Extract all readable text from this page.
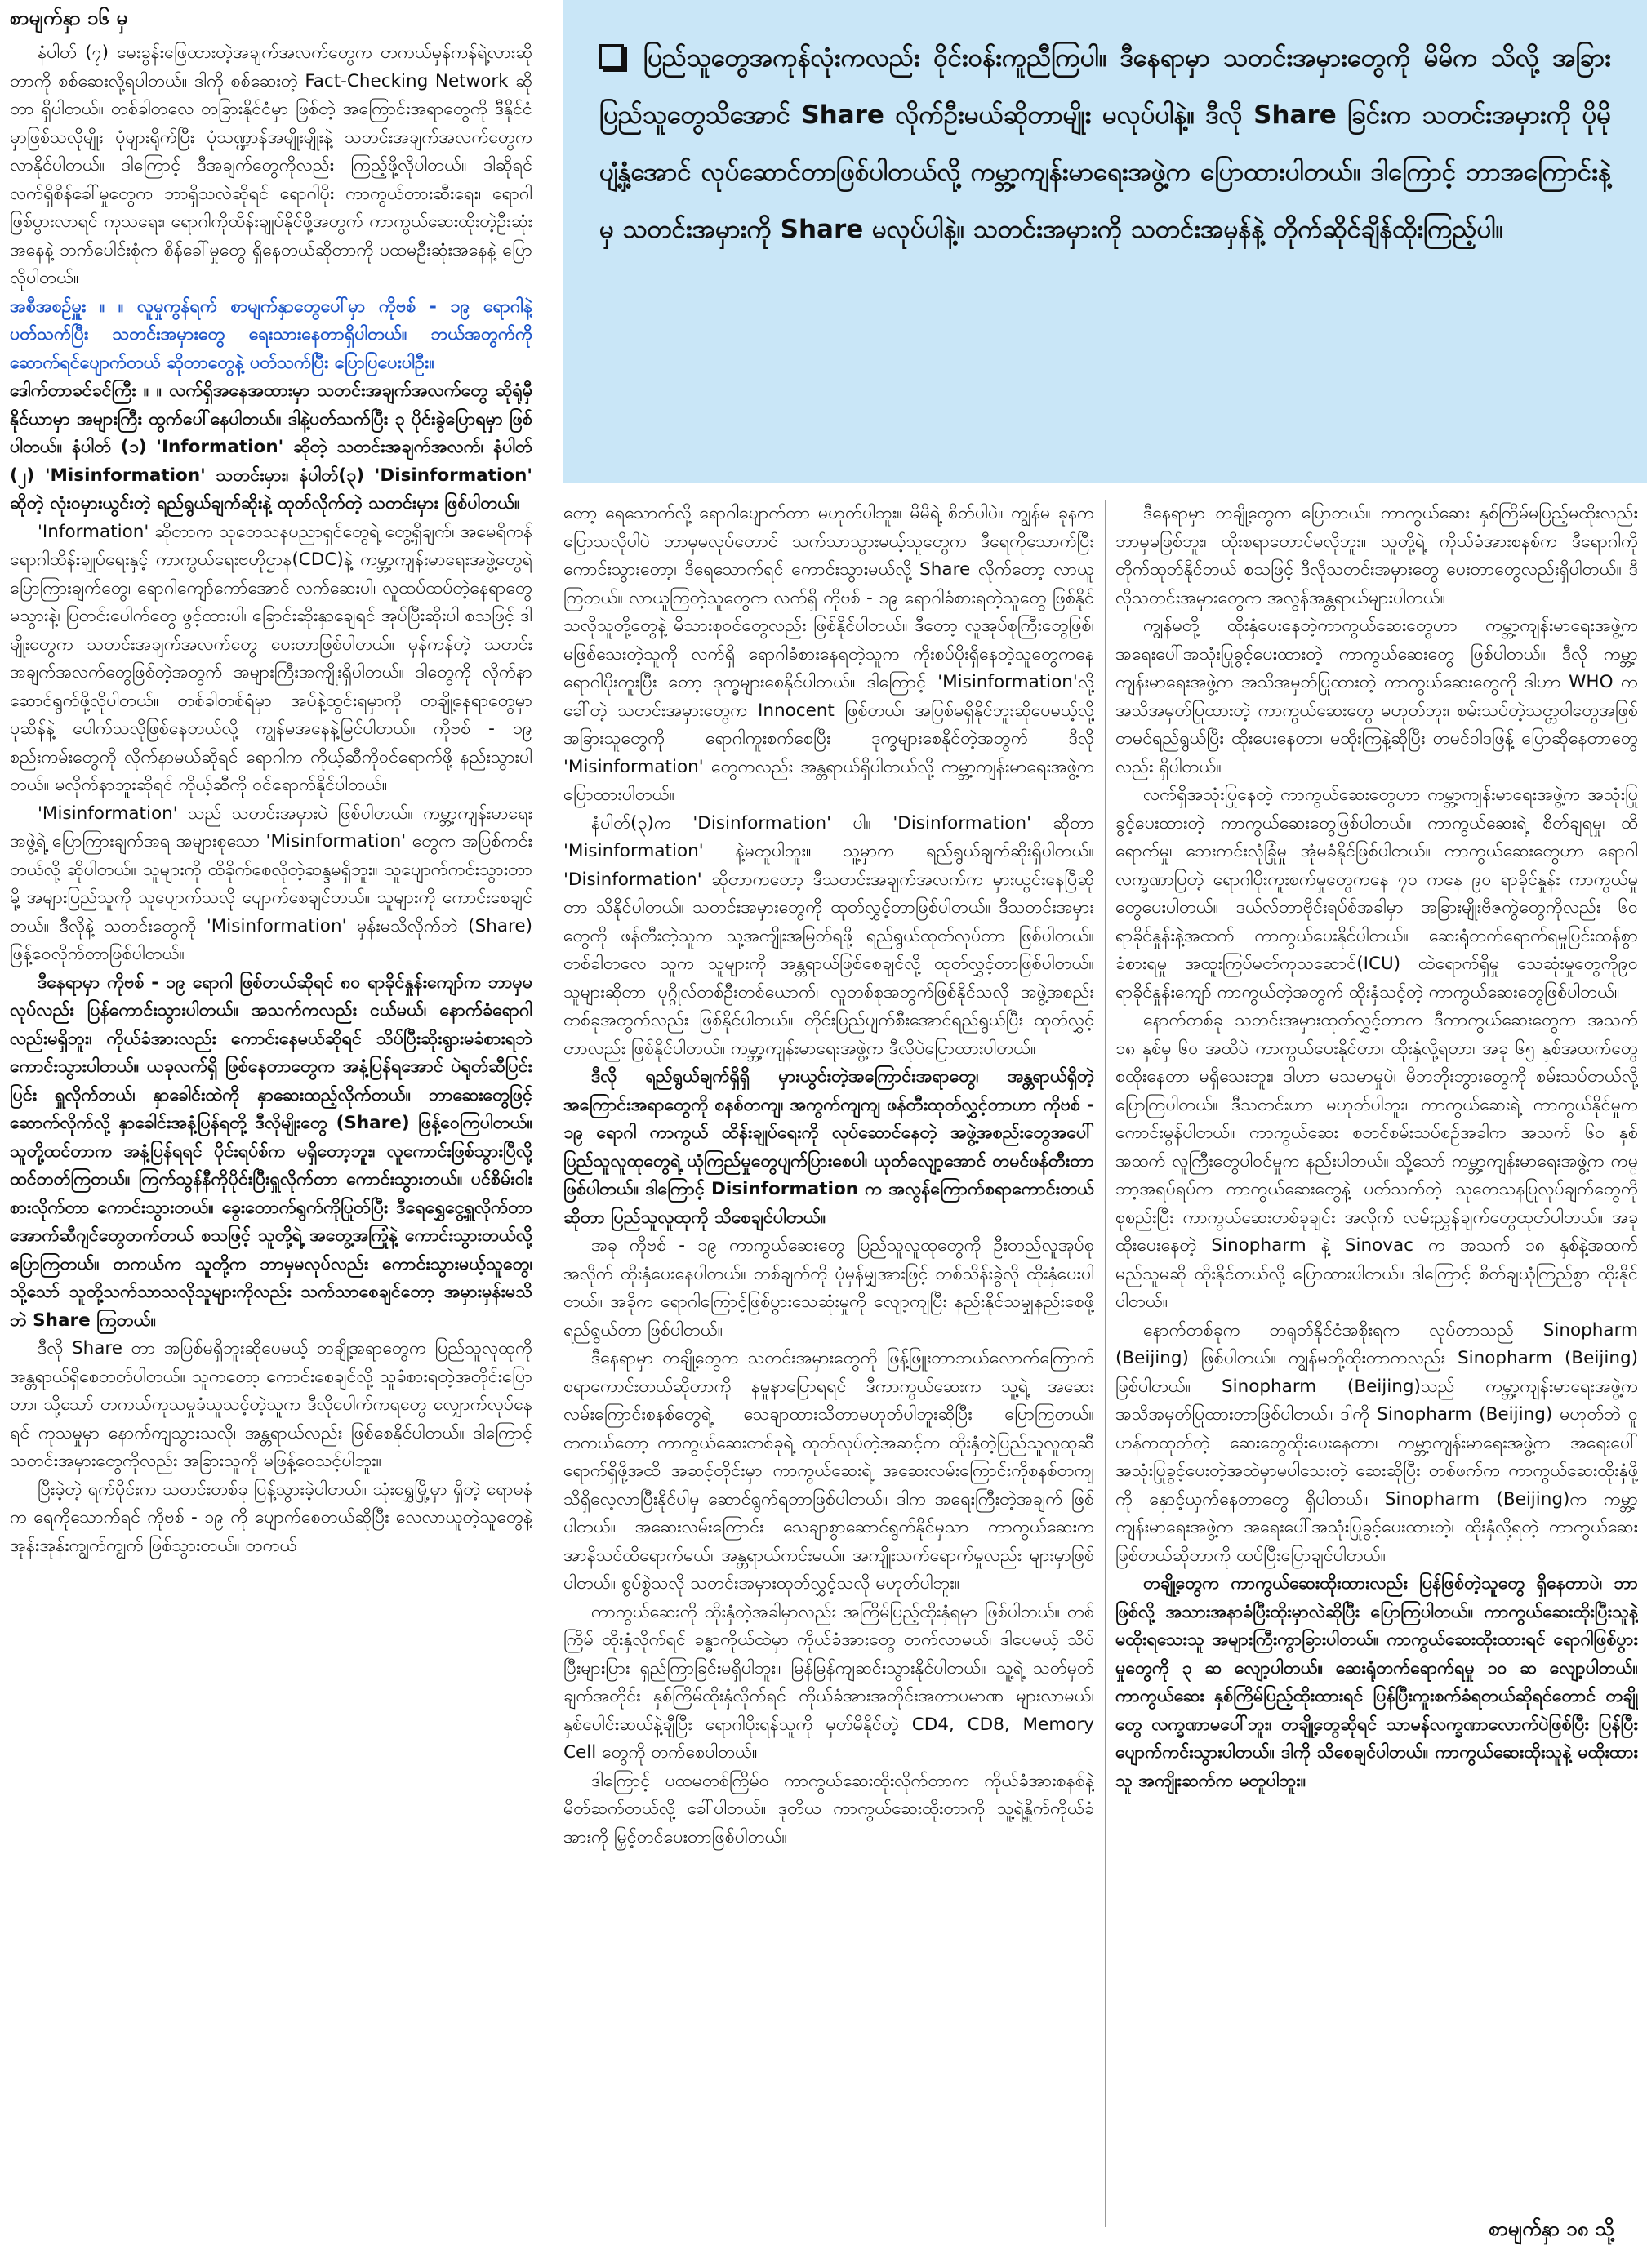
စာမျက်နှာ ၁၆ မှ

ပြည်သူတွေအကုန်လုံးကလည်း ဝိုင်းဝန်းကူညီကြပါ။ ဒီနေရာမှာ သတင်းအမှားတွေကို မိမိက သိလို့ အခြားပြည်သူတွေသိအောင် Share လိုက်ဦးမယ်ဆိုတာမျိုး မလုပ်ပါနဲ့။ ဒီလို Share ခြင်းက သတင်းအမှားကို ပိုမိုပျံ့နှံ့အောင် လုပ်ဆောင်တာဖြစ်ပါတယ်လို့ ကမ္ဘာ့ကျန်းမာရေးအဖွဲ့က ပြောထားပါတယ်။ ဒါကြောင့် ဘာအကြောင်းနဲ့မှ သတင်းအမှားကို Share မလုပ်ပါနဲ့။ သတင်းအမှားကို သတင်းအမှန်နဲ့ တိုက်ဆိုင်ချိန်ထိုးကြည့်ပါ။

နံပါတ် (၇) မေးခွန်းဖြေထားတဲ့အချက်အလက်တွေက တကယ်မှန်ကန်ရဲ့လားဆိုတာကို စစ်ဆေးလို့ရပါတယ်။ ဒါကို စစ်ဆေးတဲ့ Fact-Checking Network ဆိုတာ ရှိပါတယ်။ တစ်ခါတလေ တခြားနိုင်ငံမှာ ဖြစ်တဲ့ အကြောင်းအရာတွေကို ဒီနိုင်ငံမှာဖြစ်သလိုမျိုး ပုံများရိုက်ပြီး ပုံသဏ္ဍာန်အမျိုးမျိုးနဲ့ သတင်းအချက်အလက်တွေက လာနိုင်ပါတယ်။ ဒါကြောင့် ဒီအချက်တွေကိုလည်း ကြည့်ဖို့လိုပါတယ်။ ဒါဆိုရင် လက်ရှိစိန်ခေါ်မှုတွေက ဘာရှိသလဲဆိုရင် ရောဂါပိုး ကာကွယ်တားဆီးရေး၊ ရောဂါဖြစ်ပွားလာရင် ကုသရေး၊ ရောဂါကိုထိန်းချုပ်နိုင်ဖို့အတွက် ကာကွယ်ဆေးထိုးတဲ့ဦးဆုံးအနေနဲ့ ဘက်ပေါင်းစုံက စိန်ခေါ်မှုတွေ ရှိနေတယ်ဆိုတာကို ပထမဦးဆုံးအနေနဲ့ ပြောလိုပါတယ်။

အစီအစဉ်မှူး ။ ။ လူမှုကွန်ရက် စာမျက်နှာတွေပေါ်မှာ ကိုဗစ် - ၁၉ ရောဂါနဲ့ ပတ်သက်ပြီး သတင်းအမှားတွေ ရေးသားနေတာရှိပါတယ်။ ဘယ်အတွက်ကို ဆောက်ရင်ပျောက်တယ် ဆိုတာတွေနဲ့ ပတ်သက်ပြီး ပြောပြပေးပါဦး။

ဒေါက်တာခင်ခင်ကြီး ။ ။ လက်ရှိအနေအထားမှာ သတင်းအချက်အလက်တွေ ဆိုရုံမှီနိုင်ယာမှာ အများကြီး ထွက်ပေါ်နေပါတယ်။ ဒါနဲ့ပတ်သက်ပြီး ၃ ပိုင်းခွဲပြောရမှာ ဖြစ်ပါတယ်။ နံပါတ် (၁) 'Information' ဆိုတဲ့ သတင်းအချက်အလက်၊ နံပါတ် (၂) 'Misinformation' သတင်းမှား၊ နံပါတ်(၃) 'Disinformation' ဆိုတဲ့ လုံးဝမှားယွင်းတဲ့ ရည်ရွယ်ချက်ဆိုးနဲ့ ထုတ်လိုက်တဲ့ သတင်းမှား ဖြစ်ပါတယ်။

'Information' ဆိုတာက သုတေသနပညာရှင်တွေရဲ့ တွေ့ရှိချက်၊ အမေရိကန်ရောဂါထိန်းချုပ်ရေးနှင့် ကာကွယ်ရေးဗဟိုဌာန(CDC)နဲ့ ကမ္ဘာ့ကျန်းမာရေးအဖွဲ့တွေရဲ့ ပြောကြားချက်တွေ၊ ရောဂါကျော်ကော်အောင် လက်ဆေးပါ၊ လူထပ်ထပ်တဲ့နေရာတွေမသွားနဲ့၊ ပြတင်းပေါက်တွေ ဖွင့်ထားပါ၊ ခြောင်းဆိုးနှာချေရင် အုပ်ပြီးဆိုးပါ စသဖြင့် ဒါမျိုးတွေက သတင်းအချက်အလက်တွေ ပေးတာဖြစ်ပါတယ်။ မှန်ကန်တဲ့ သတင်းအချက်အလက်တွေဖြစ်တဲ့အတွက် အများကြီးအကျိုးရှိပါတယ်။ ဒါတွေကို လိုက်နာဆောင်ရွက်ဖို့လိုပါတယ်။ တစ်ခါတစ်ရံမှာ အပ်နဲ့ထွင်းရမှာကို တချို့နေရာတွေမှာ ပုဆိန်နဲ့ ပေါက်သလိုဖြစ်နေတယ်လို့ ကျွန်မအနေနဲ့မြင်ပါတယ်။ ကိုဗစ် - ၁၉ စည်းကမ်းတွေကို လိုက်နာမယ်ဆိုရင် ရောဂါက ကိုယ့်ဆီကိုဝင်ရောက်ဖို့ နည်းသွားပါတယ်။ မလိုက်နာဘူးဆိုရင် ကိုယ့်ဆီကို ဝင်ရောက်နိုင်ပါတယ်။

'Misinformation' သည် သတင်းအမှားပဲ ဖြစ်ပါတယ်။ ကမ္ဘာ့ကျန်းမာရေးအဖွဲ့ရဲ့ ပြောကြားချက်အရ အများစုသော 'Misinformation' တွေက အပြစ်ကင်းတယ်လို့ ဆိုပါတယ်။ သူများကို ထိခိုက်စေလိုတဲ့ဆန္ဒမရှိဘူး။ သူပျောက်ကင်းသွားတာမို့ အများပြည်သူကို သူပျောက်သလို ပျောက်စေချင်တယ်။ သူများကို ကောင်းစေချင်တယ်။ ဒီလိုနဲ့ သတင်းတွေကို 'Misinformation' မှန်းမသိလိုက်ဘဲ (Share) ဖြန့်ဝေလိုက်တာဖြစ်ပါတယ်။

ဒီနေရာမှာ ကိုဗစ် - ၁၉ ရောဂါ ဖြစ်တယ်ဆိုရင် ၈၀ ရာခိုင်နှုန်းကျော်က ဘာမှမလုပ်လည်း ပြန်ကောင်းသွားပါတယ်။ အသက်ကလည်း ငယ်မယ်၊ နောက်ခံရောဂါလည်းမရှိဘူး၊ ကိုယ်ခံအားလည်း ကောင်းနေမယ်ဆိုရင် သိပ်ပြီးဆိုးရွားမခံစားရဘဲ ကောင်းသွားပါတယ်။ ယခုလက်ရှိ ဖြစ်နေတာတွေက အနံ့ပြန်ရအောင် ပဲရုတ်ဆီပြင်းပြင်း ရှူလိုက်တယ်၊ နှာခေါင်းထဲကို နှာဆေးထည့်လိုက်တယ်။ ဘာဆေးတွေဖြင့် ဆောက်လိုက်လို့ နှာခေါင်းအနံ့ပြန်ရတို့ ဒီလိုမျိုးတွေ (Share) ဖြန့်ဝေကြပါတယ်။ သူတို့ထင်တာက အနံ့ပြန်ရရင် ပိုင်းရပ်စ်က မရှိတော့ဘူး၊ လူကောင်းဖြစ်သွားပြီလို့ ထင်တတ်ကြတယ်။ ကြက်သွန်နီကိုပိုင်းပြီးရှူလိုက်တာ ကောင်းသွားတယ်။ ပင်စိမ်းဝါးစားလိုက်တာ ကောင်းသွားတယ်။ ခွေးတောက်ရွက်ကိုပြုတ်ပြီး ဒီရေရွှေငွေ့ရှူလိုက်တာ အောက်ဆီဂျင်တွေတက်တယ် စသဖြင့် သူတို့ရဲ့ အတွေ့အကြုံနဲ့ ကောင်းသွားတယ်လို့ပြောကြတယ်။ တကယ်က သူတို့က ဘာမှမလုပ်လည်း ကောင်းသွားမယ့်သူတွေ၊ သို့သော် သူတို့သက်သာသလိုသူများကိုလည်း သက်သာစေချင်တော့ အမှားမှန်းမသိဘဲ Share ကြတယ်။

ဒီလို Share တာ အပြစ်မရှိဘူးဆိုပေမယ့် တချို့အရာတွေက ပြည်သူလူထုကို အန္တရာယ်ရှိစေတတ်ပါတယ်။ သူကတော့ ကောင်းစေချင်လို့ သူခံစားရတဲ့အတိုင်းပြောတာ၊ သို့သော် တကယ်ကုသမှုခံယူသင့်တဲ့သူက ဒီလိုပေါက်ကရတွေ လျှောက်လုပ်နေရင် ကုသမှုမှာ နောက်ကျသွားသလို၊ အန္တရာယ်လည်း ဖြစ်စေနိုင်ပါတယ်။ ဒါကြောင့် သတင်းအမှားတွေကိုလည်း အခြားသူကို မဖြန့်ဝေသင့်ပါဘူး။

ပြီးခဲ့တဲ့ ရက်ပိုင်းက သတင်းတစ်ခု ပြန့်သွားခဲ့ပါတယ်။ သုံးရွှေမြို့မှာ ရှိတဲ့ ရောမနံက ရေကိုသောက်ရင် ကိုဗစ် - ၁၉ ကို ပျောက်စေတယ်ဆိုပြီး လေလာယူတဲ့သူတွေနဲ့ အုန်းအုန်းကျွက်ကျွက် ဖြစ်သွားတယ်။ တကယ်

တော့ ရေသောက်လို့ ရောဂါပျောက်တာ မဟုတ်ပါဘူး။ မိမိရဲ့ စိတ်ပါပဲ။ ကျွန်မ ခုနက ပြောသလိုပါပဲ ဘာမှမလုပ်တောင် သက်သာသွားမယ့်သူတွေက ဒီရေကိုသောက်ပြီး ကောင်းသွားတော့၊ ဒီရေသောက်ရင် ကောင်းသွားမယ်လို့ Share လိုက်တော့ လာယူကြတယ်။ လာယူကြတဲ့သူတွေက လက်ရှိ ကိုဗစ် - ၁၉ ရောဂါခံစားရတဲ့သူတွေ ဖြစ်နိုင်သလိုသူတို့တွေနဲ့ မိသားစုဝင်တွေလည်း ဖြစ်နိုင်ပါတယ်။ ဒီတော့ လူအုပ်စုကြီးတွေဖြစ်၊ မဖြစ်သေးတဲ့သူကို လက်ရှိ ရောဂါခံစားနေရတဲ့သူက ကိုးစပ်ပိုးရှိနေတဲ့သူတွေကနေ ရောဂါပိုးကူးပြီး တော့ ဒုက္ခများစေနိုင်ပါတယ်။ ဒါကြောင့် 'Misinformation'လို့ခေါ်တဲ့ သတင်းအမှားတွေက Innocent ဖြစ်တယ်၊ အပြစ်မရှိနိုင်ဘူးဆိုပေမယ့်လို့ အခြားသူတွေကို ရောဂါကူးစက်စေပြီး ဒုက္ခများစေနိုင်တဲ့အတွက် ဒီလို 'Misinformation' တွေကလည်း အန္တရာယ်ရှိပါတယ်လို့ ကမ္ဘာ့ကျန်းမာရေးအဖွဲ့က ပြောထားပါတယ်။

နံပါတ်(၃)က 'Disinformation' ပါ။ 'Disinformation' ဆိုတာ 'Misinformation' နဲ့မတူပါဘူး။ သူ့မှာက ရည်ရွယ်ချက်ဆိုးရှိပါတယ်။ 'Disinformation' ဆိုတာကတော့ ဒီသတင်းအချက်အလက်က မှားယွင်းနေပြီဆိုတာ သိနိုင်ပါတယ်။ သတင်းအမှားတွေကို ထုတ်လွှင့်တာဖြစ်ပါတယ်။ ဒီသတင်းအမှားတွေကို ဖန်တီးတဲ့သူက သူ့အကျိုးအမြတ်ရဖို့ ရည်ရွယ်ထုတ်လုပ်တာ ဖြစ်ပါတယ်။ တစ်ခါတလေ သူက သူများကို အန္တရာယ်ဖြစ်စေချင်လို့ ထုတ်လွှင့်တာဖြစ်ပါတယ်။ သူများဆိုတာ ပုဂ္ဂိုလ်တစ်ဦးတစ်ယောက်၊ လူတစ်စုအတွက်ဖြစ်နိုင်သလို အဖွဲ့အစည်းတစ်ခုအတွက်လည်း ဖြစ်နိုင်ပါတယ်။ တိုင်းပြည်ပျက်စီးအောင်ရည်ရွယ်ပြီး ထုတ်လွှင့်တာလည်း ဖြစ်နိုင်ပါတယ်။ ကမ္ဘာ့ကျန်းမာရေးအဖွဲ့က ဒီလိုပဲပြောထားပါတယ်။

ဒီလို ရည်ရွယ်ချက်ရှိရှိ မှားယွင်းတဲ့အကြောင်းအရာတွေ၊ အန္တရာယ်ရှိတဲ့အကြောင်းအရာတွေကို စနစ်တကျ၊ အကွက်ကျကျ ဖန်တီးထုတ်လွှင့်တာဟာ ကိုဗစ် - ၁၉ ရောဂါ ကာကွယ် ထိန်းချုပ်ရေးကို လုပ်ဆောင်နေတဲ့ အဖွဲ့အစည်းတွေအပေါ် ပြည်သူလူထုတွေရဲ့ ယုံကြည်မှုတွေပျက်ပြားစေပါ၊ ယုတ်လျော့အောင် တမင်ဖန်တီးတာ ဖြစ်ပါတယ်။ ဒါကြောင့် Disinformation က အလွန်ကြောက်စရာကောင်းတယ်ဆိုတာ ပြည်သူလူထုကို သိစေချင်ပါတယ်။

အခု ကိုဗစ် - ၁၉ ကာကွယ်ဆေးတွေ ပြည်သူလူထုတွေကို ဦးတည်လူအုပ်စုအလိုက် ထိုးနှံပေးနေပါတယ်။ တစ်ချက်ကို ပုံမှန်မျှအားဖြင့် တစ်သိန်းခွဲလို ထိုးနှံပေးပါတယ်။ အခိုက ရောဂါကြောင့်ဖြစ်ပွားသေဆုံးမှုကို လျော့ကျပြီး နည်းနိုင်သမျှနည်းစေဖို့ ရည်ရွယ်တာ ဖြစ်ပါတယ်။

ဒီနေရာမှာ တချို့တွေက သတင်းအမှားတွေကို ဖြန့်ဖြူးတာဘယ်လောက်ကြောက်စရာကောင်းတယ်ဆိုတာကို နမူနာပြောရရင် ဒီကာကွယ်ဆေးက သူ့ရဲ့ အဆေးလမ်းကြောင်းစနစ်တွေရဲ့ သေချာထားသိတာမဟုတ်ပါဘူးဆိုပြီး ပြောကြတယ်။ တကယ်တော့ ကာကွယ်ဆေးတစ်ခုရဲ့ ထုတ်လုပ်တဲ့အဆင့်က ထိုးနှံတဲ့ပြည်သူလူထုဆီ ရောက်ရှိဖို့အထိ အဆင့်တိုင်းမှာ ကာကွယ်ဆေးရဲ့ အဆေးလမ်းကြောင်းကိုစနစ်တကျ သိရှိလေ့လာပြီးနိုင်ပါမှ ဆောင်ရွက်ရတာဖြစ်ပါတယ်။ ဒါက အရေးကြီးတဲ့အချက် ဖြစ်ပါတယ်။ အဆေးလမ်းကြောင်း သေချာစွာဆောင်ရွက်နိုင်မှသာ ကာကွယ်ဆေးက အာနိသင်ထိရောက်မယ်၊ အန္တရာယ်ကင်းမယ်။ အကျိုးသက်ရောက်မှုလည်း များမှာဖြစ်ပါတယ်။ စွပ်စွဲသလို သတင်းအမှားထုတ်လွှင့်သလို မဟုတ်ပါဘူး။

ကာကွယ်ဆေးကို ထိုးနှံတဲ့အခါမှာလည်း အကြိမ်ပြည့်ထိုးနှံရမှာ ဖြစ်ပါတယ်။ တစ်ကြိမ် ထိုးနှံလိုက်ရင် ခန္ဓာကိုယ်ထဲမှာ ကိုယ်ခံအားတွေ တက်လာမယ်၊ ဒါပေမယ့် သိပ်ပြီးများပြား ရှည်ကြာခြင်းမရှိပါဘူး။ မြန်မြန်ကျဆင်းသွားနိုင်ပါတယ်။ သူ့ရဲ့ သတ်မှတ်ချက်အတိုင်း နှစ်ကြိမ်ထိုးနှံလိုက်ရင် ကိုယ်ခံအားအတိုင်းအတာပမာဏ များလာမယ်၊ နှစ်ပေါင်းဆယ်နဲ့ချီပြီး ရောဂါပိုးရန်သူကို မှတ်မိနိုင်တဲ့ CD4, CD8, Memory Cell တွေကို တက်စေပါတယ်။

ဒါကြောင့် ပထမတစ်ကြိမ်ဝ ကာကွယ်ဆေးထိုးလိုက်တာက ကိုယ်ခံအားစနစ်နဲ့ မိတ်ဆက်တယ်လို့ ခေါ်ပါတယ်။ ဒုတိယ ကာကွယ်ဆေးထိုးတာကို သူ့ရဲ့နှိုက်ကိုယ်ခံအားကို မြှင့်တင်ပေးတာဖြစ်ပါတယ်။

ဒီနေရာမှာ တချို့တွေက ပြောတယ်။ ကာကွယ်ဆေး နှစ်ကြိမ်မပြည့်မထိုးလည်း ဘာမှမဖြစ်ဘူး၊ ထိုးစရာတောင်မလိုဘူး။ သူတို့ရဲ့ ကိုယ်ခံအားစနစ်က ဒီရောဂါကို တိုက်ထုတ်နိုင်တယ် စသဖြင့် ဒီလိုသတင်းအမှားတွေ ပေးတာတွေလည်းရှိပါတယ်။ ဒီလိုသတင်းအမှားတွေက အလွန်အန္တရာယ်များပါတယ်။

ကျွန်မတို့ ထိုးနှံပေးနေတဲ့ကာကွယ်ဆေးတွေဟာ ကမ္ဘာ့ကျန်းမာရေးအဖွဲ့က အရေးပေါ်အသုံးပြုခွင့်ပေးထားတဲ့ ကာကွယ်ဆေးတွေ ဖြစ်ပါတယ်။ ဒီလို ကမ္ဘာ့ကျန်းမာရေးအဖွဲ့က အသိအမှတ်ပြုထားတဲ့ ကာကွယ်ဆေးတွေကို ဒါဟာ WHO က အသိအမှတ်ပြုထားတဲ့ ကာကွယ်ဆေးတွေ မဟုတ်ဘူး၊ စမ်းသပ်တဲ့သတ္တဝါတွေအဖြစ် တမင်ရည်ရွယ်ပြီး ထိုးပေးနေတာ၊ မထိုးကြနဲ့ဆိုပြီး တမင်ဝါဒဖြန့် ပြောဆိုနေတာတွေလည်း ရှိပါတယ်။

လက်ရှိအသုံးပြုနေတဲ့ ကာကွယ်ဆေးတွေဟာ ကမ္ဘာ့ကျန်းမာရေးအဖွဲ့က အသုံးပြုခွင့်ပေးထားတဲ့ ကာကွယ်ဆေးတွေဖြစ်ပါတယ်။ ကာကွယ်ဆေးရဲ့ စိတ်ချရမှု၊ ထိရောက်မှု၊ ဘေးကင်းလုံခြုံမှု အုံမခံနိုင်ဖြစ်ပါတယ်။ ကာကွယ်ဆေးတွေဟာ ရောဂါလက္ခဏာပြတဲ့ ရောဂါပိုးကူးစက်မှုတွေကနေ ၇၀ ကနေ ၉၀ ရာခိုင်နှုန်း ကာကွယ်မှုတွေပေးပါတယ်။ ဒယ်လ်တာဗိုင်းရပ်စ်အခါမှာ အခြားမျိုးဗီဇကွဲတွေကိုလည်း ၆၀ ရာခိုင်နှုန်းနဲ့အထက် ကာကွယ်ပေးနိုင်ပါတယ်။ ဆေးရုံတက်ရောက်ရမှုပြင်းထန်စွာခံစားရမှု အထူးကြပ်မတ်ကုသဆောင်(ICU) ထဲရောက်ရှိမှု သေဆုံးမှုတွေကို၉၀ ရာခိုင်နှုန်းကျော် ကာကွယ်တဲ့အတွက် ထိုးနှံသင့်တဲ့ ကာကွယ်ဆေးတွေဖြစ်ပါတယ်။

နောက်တစ်ခု သတင်းအမှားထုတ်လွှင့်တာက ဒီကာကွယ်ဆေးတွေက အသက် ၁၈ နှစ်မှ ၆၀ အထိပဲ ကာကွယ်ပေးနိုင်တာ၊ ထိုးနှံလို့ရတာ၊ အခု ၆၅ နှစ်အထက်တွေ စထိုးနေတာ မရှိသေးဘူး၊ ဒါဟာ မသမာမှုပဲ၊ မိဘဘိုးဘွားတွေကို စမ်းသပ်တယ်လို့ ပြောကြပါတယ်။ ဒီသတင်းဟာ မဟုတ်ပါဘူး၊ ကာကွယ်ဆေးရဲ့ ကာကွယ်နိုင်မှုက ကောင်းမွန်ပါတယ်။ ကာကွယ်ဆေး စတင်စမ်းသပ်စဉ်အခါက အသက် ၆၀ နှစ်အထက် လူကြီးတွေပါဝင်မှုက နည်းပါတယ်။ သို့သော် ကမ္ဘာ့ကျန်းမာရေးအဖွဲ့က ကမ္ဘာ့အရပ်ရပ်က ကာကွယ်ဆေးတွေနဲ့ ပတ်သက်တဲ့ သုတေသနပြုလုပ်ချက်တွေကိုစုစည်းပြီး ကာကွယ်ဆေးတစ်ခုချင်း အလိုက် လမ်းညွှန်ချက်တွေထုတ်ပါတယ်။ အခု ထိုးပေးနေတဲ့ Sinopharm နဲ့ Sinovac က အသက် ၁၈ နှစ်နဲ့အထက် မည်သူမဆို ထိုးနိုင်တယ်လို့ ပြောထားပါတယ်။ ဒါကြောင့် စိတ်ချယုံကြည်စွာ ထိုးနိုင်ပါတယ်။

နောက်တစ်ခုက တရုတ်နိုင်ငံအစိုးရက လုပ်တာသည် Sinopharm (Beijing) ဖြစ်ပါတယ်။ ကျွန်မတို့ထိုးတာကလည်း Sinopharm (Beijing) ဖြစ်ပါတယ်။ Sinopharm (Beijing)သည် ကမ္ဘာ့ကျန်းမာရေးအဖွဲ့က အသိအမှတ်ပြုထားတာဖြစ်ပါတယ်။ ဒါကို Sinopharm (Beijing) မဟုတ်ဘဲ ဝူဟန်ကထုတ်တဲ့ ဆေးတွေထိုးပေးနေတာ၊ ကမ္ဘာ့ကျန်းမာရေးအဖွဲ့က အရေးပေါ်အသုံးပြုခွင့်ပေးတဲ့အထဲမှာမပါသေးတဲ့ ဆေးဆိုပြီး တစ်ဖက်က ကာကွယ်ဆေးထိုးနှံဖို့ကို နှောင့်ယှက်နေတာတွေ ရှိပါတယ်။ Sinopharm (Beijing)က ကမ္ဘာ့ကျန်းမာရေးအဖွဲ့က အရေးပေါ်အသုံးပြုခွင့်ပေးထားတဲ့၊ ထိုးနှံလို့ရတဲ့ ကာကွယ်ဆေးဖြစ်တယ်ဆိုတာကို ထပ်ပြီးပြောချင်ပါတယ်။

တချို့တွေက ကာကွယ်ဆေးထိုးထားလည်း ပြန်ဖြစ်တဲ့သူတွေ ရှိနေတာပဲ၊ ဘာဖြစ်လို့ အသားအနာခံပြီးထိုးမှာလဲဆိုပြီး ပြောကြပါတယ်။ ကာကွယ်ဆေးထိုးပြီးသူနဲ့ မထိုးရသေးသူ အများကြီးကွာခြားပါတယ်။ ကာကွယ်ဆေးထိုးထားရင် ရောဂါဖြစ်ပွားမှုတွေကို ၃ ဆ လျော့ပါတယ်။ ဆေးရုံတက်ရောက်ရမှု ၁၀ ဆ လျော့ပါတယ်။ ကာကွယ်ဆေး နှစ်ကြိမ်ပြည့်ထိုးထားရင် ပြန်ပြီးကူးစက်ခံရတယ်ဆိုရင်တောင် တချို့တွေ လက္ခဏာမပေါ်ဘူး၊ တချို့တွေဆိုရင် သာမန်လက္ခဏာလောက်ပဲဖြစ်ပြီး ပြန်ပြီးပျောက်ကင်းသွားပါတယ်။ ဒါကို သိစေချင်ပါတယ်။ ကာကွယ်ဆေးထိုးသူနဲ့ မထိုးထားသူ အကျိုးဆက်က မတူပါဘူး။

စာမျက်နှာ ၁၈ သို့
